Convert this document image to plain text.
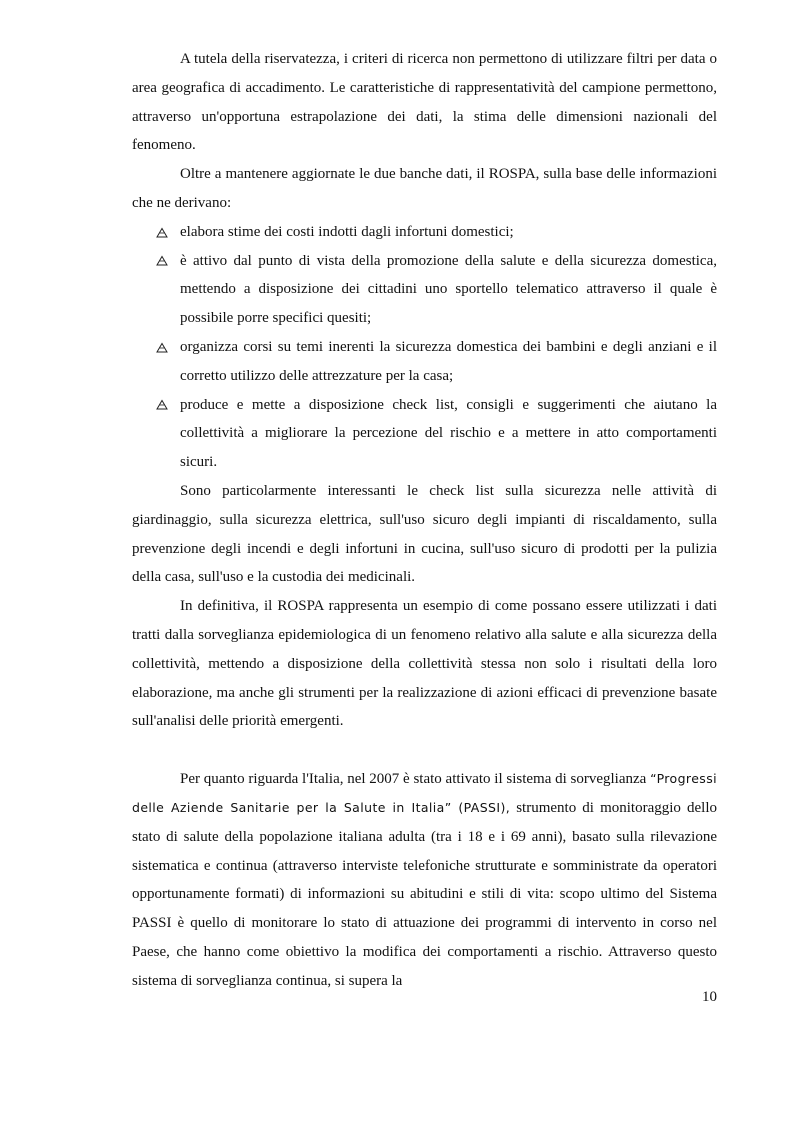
A tutela della riservatezza, i criteri di ricerca non permettono di utilizzare filtri per data o area geografica di accadimento. Le caratteristiche di rappresentatività del campione permettono, attraverso un'opportuna estrapolazione dei dati, la stima delle dimensioni nazionali del fenomeno.

Oltre a mantenere aggiornate le due banche dati, il ROSPA, sulla base delle informazioni che ne derivano:

elabora stime dei costi indotti dagli infortuni domestici;
è attivo dal punto di vista della promozione della salute e della sicurezza domestica, mettendo a disposizione dei cittadini uno sportello telematico attraverso il quale è possibile porre specifici quesiti;
organizza corsi su temi inerenti la sicurezza domestica dei bambini e degli anziani e il corretto utilizzo delle attrezzature per la casa;
produce e mette a disposizione check list, consigli e suggerimenti che aiutano la collettività a migliorare la percezione del rischio e a mettere in atto comportamenti sicuri.

Sono particolarmente interessanti le check list sulla sicurezza nelle attività di giardinaggio, sulla sicurezza elettrica, sull'uso sicuro degli impianti di riscaldamento, sulla prevenzione degli incendi e degli infortuni in cucina, sull'uso sicuro di prodotti per la pulizia della casa, sull'uso e la custodia dei medicinali.

In definitiva, il ROSPA rappresenta un esempio di come possano essere utilizzati i dati tratti dalla sorveglianza epidemiologica di un fenomeno relativo alla salute e alla sicurezza della collettività, mettendo a disposizione della collettività stessa non solo i risultati della loro elaborazione, ma anche gli strumenti per la realizzazione di azioni efficaci di prevenzione basate sull'analisi delle priorità emergenti.

Per quanto riguarda l'Italia, nel 2007 è stato attivato il sistema di sorveglianza “Progressi delle Aziende Sanitarie per la Salute in Italia” (PASSI), strumento di monitoraggio dello stato di salute della popolazione italiana adulta (tra i 18 e i 69 anni), basato sulla rilevazione sistematica e continua (attraverso interviste telefoniche strutturate e somministrate da operatori opportunamente formati) di informazioni su abitudini e stili di vita: scopo ultimo del Sistema PASSI è quello di monitorare lo stato di attuazione dei programmi di intervento in corso nel Paese, che hanno come obiettivo la modifica dei comportamenti a rischio. Attraverso questo sistema di sorveglianza continua, si supera la

10
